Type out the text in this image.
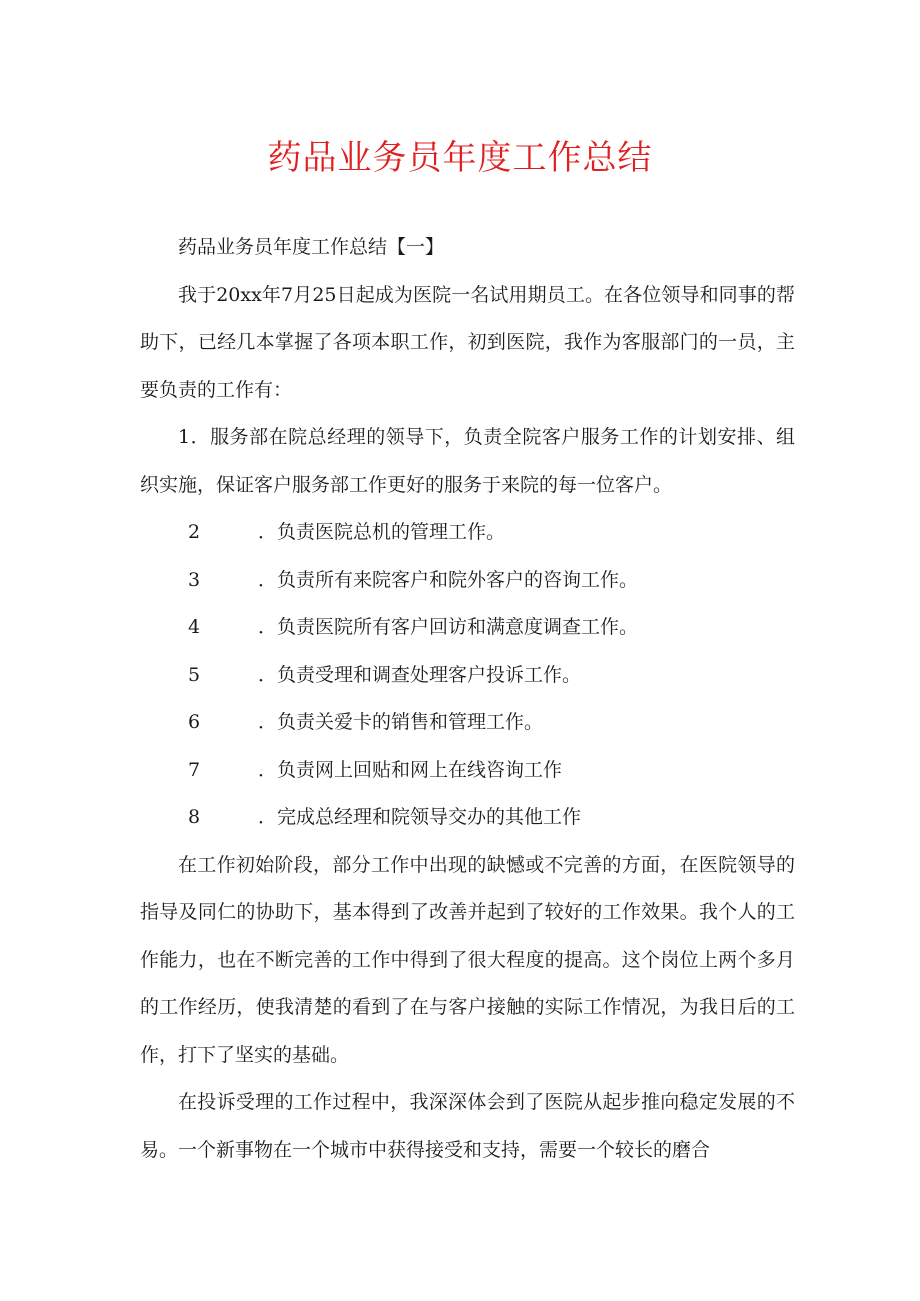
药品业务员年度工作总结

药品业务员年度工作总结【一】

我于20xx年7月25日起成为医院一名试用期员工。在各位领导和同事的帮助下，已经几本掌握了各项本职工作，初到医院，我作为客服部门的一员，主要负责的工作有：

1．服务部在院总经理的领导下，负责全院客户服务工作的计划安排、组织实施，保证客户服务部工作更好的服务于来院的每一位客户。

2	．负责医院总机的管理工作。

3	．负责所有来院客户和院外客户的咨询工作。

4	．负责医院所有客户回访和满意度调查工作。

5	．负责受理和调查处理客户投诉工作。

6	．负责关爱卡的销售和管理工作。

7	．负责网上回贴和网上在线咨询工作

8	．完成总经理和院领导交办的其他工作

在工作初始阶段，部分工作中出现的缺憾或不完善的方面，在医院领导的指导及同仁的协助下，基本得到了改善并起到了较好的工作效果。我个人的工作能力，也在不断完善的工作中得到了很大程度的提高。这个岗位上两个多月的工作经历，使我清楚的看到了在与客户接触的实际工作情况，为我日后的工作，打下了坚实的基础。

在投诉受理的工作过程中，我深深体会到了医院从起步推向稳定发展的不易。一个新事物在一个城市中获得接受和支持，需要一个较长的磨合
